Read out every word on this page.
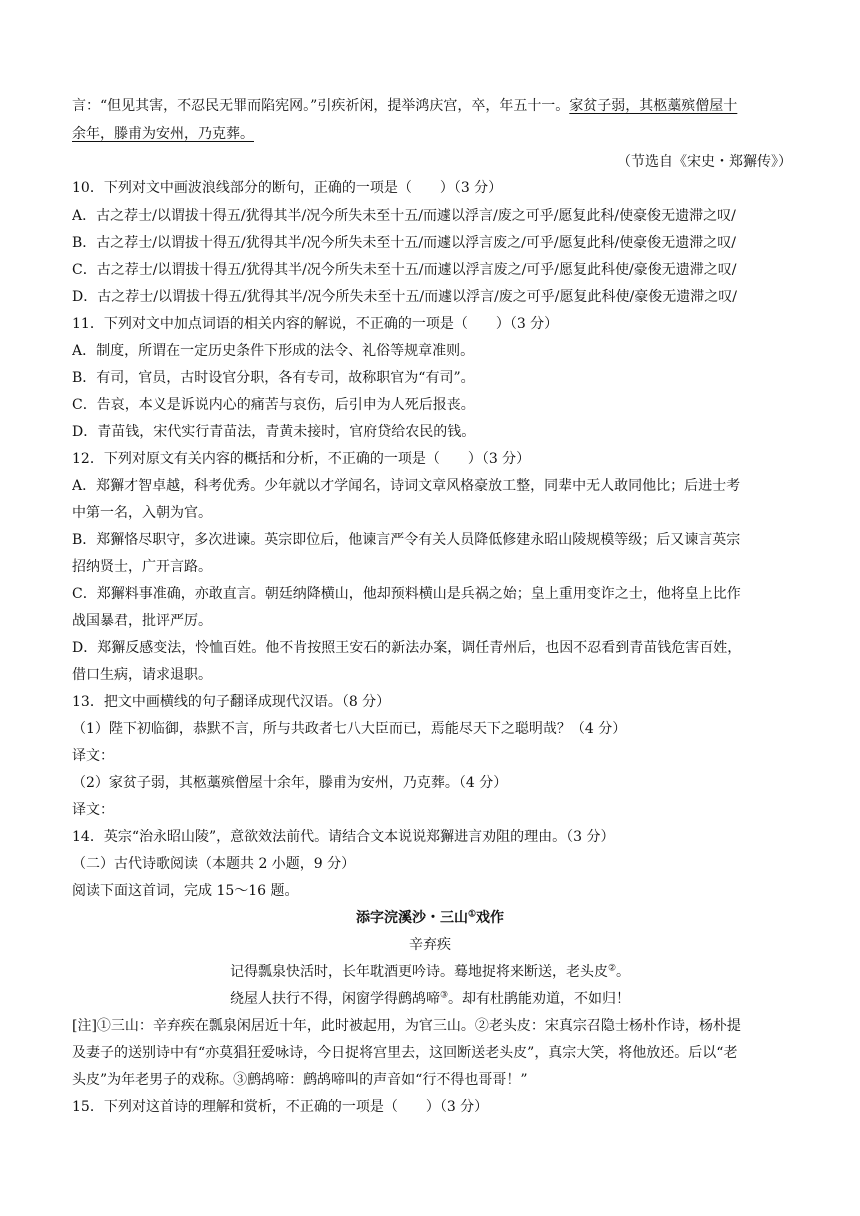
言：“但见其害，不忍民无罪而陷宪网。”引疾祈闲，提举鸿庆宫，卒，年五十一。家贫子弱，其柩藁殡僧屋十
余年，滕甫为安州，乃克葬。
（节选自《宋史・郑獬传》）
10．下列对文中画波浪线部分的断句，正确的一项是（　　）（3 分）
A．古之荐士/以谓拔十得五/犹得其半/况今所失未至十五/而遽以浮言/废之可乎/愿复此科/使豪俊无遗滞之叹/
B．古之荐士/以谓拔十得五/犹得其半/况今所失未至十五/而遽以浮言废之/可乎/愿复此科/使豪俊无遗滞之叹/
C．古之荐士/以谓拔十得五/犹得其半/况今所失未至十五/而遽以浮言废之/可乎/愿复此科使/豪俊无遗滞之叹/
D．古之荐士/以谓拔十得五/犹得其半/况今所失未至十五/而遽以浮言/废之可乎/愿复此科使/豪俊无遗滞之叹/
11．下列对文中加点词语的相关内容的解说，不正确的一项是（　　）（3 分）
A．制度，所谓在一定历史条件下形成的法令、礼俗等规章准则。
B．有司，官员，古时设官分职，各有专司，故称职官为“有司”。
C．告哀，本义是诉说内心的痛苦与哀伤，后引申为人死后报丧。
D．青苗钱，宋代实行青苗法，青黄未接时，官府贷给农民的钱。
12．下列对原文有关内容的概括和分析，不正确的一项是（　　）（3 分）
A．郑獬才智卓越，科考优秀。少年就以才学闻名，诗词文章风格豪放工整，同辈中无人敢同他比；后进士考
中第一名，入朝为官。
B．郑獬恪尽职守，多次进谏。英宗即位后，他谏言严令有关人员降低修建永昭山陵规模等级；后又谏言英宗
招纳贤士，广开言路。
C．郑獬料事准确，亦敢直言。朝廷纳降横山，他却预料横山是兵祸之始；皇上重用变诈之士，他将皇上比作
战国暴君，批评严厉。
D．郑獬反感变法，怜恤百姓。他不肯按照王安石的新法办案，调任青州后，也因不忍看到青苗钱危害百姓，
借口生病，请求退职。
13．把文中画横线的句子翻译成现代汉语。（8 分）
（1）陛下初临御，恭默不言，所与共政者七八大臣而已，焉能尽天下之聪明哉？（4 分）
译文：
（2）家贫子弱，其柩藁殡僧屋十余年，滕甫为安州，乃克葬。（4 分）
译文：
14．英宗“治永昭山陵”，意欲效法前代。请结合文本说说郑獬进言劝阻的理由。（3 分）
（二）古代诗歌阅读（本题共 2 小题，9 分）
阅读下面这首词，完成 15～16 题。
添字浣溪沙・三山①戏作
辛弃疾
记得瓢泉快活时，长年耽酒更吟诗。蓦地捉将来断送，老头皮②。
绕屋人扶行不得，闲窗学得鹧鸪啼③。却有杜鹃能劝道，不如归！
[注]①三山：辛弃疾在瓢泉闲居近十年，此时被起用，为官三山。②老头皮：宋真宗召隐士杨朴作诗，杨朴提
及妻子的送别诗中有“亦莫猖狂爱咏诗，今日捉将宫里去，这回断送老头皮”，真宗大笑，将他放还。后以“老
头皮”为年老男子的戏称。③鹧鸪啼：鹧鸪啼叫的声音如“行不得也哥哥！”
15．下列对这首诗的理解和赏析，不正确的一项是（　　）（3 分）
